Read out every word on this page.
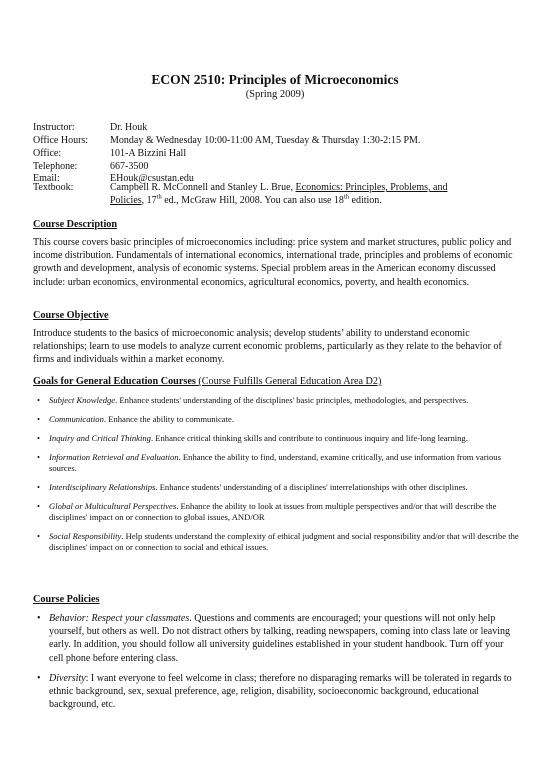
ECON 2510: Principles of Microeconomics
(Spring 2009)
Instructor:	Dr. Houk
Office Hours: Monday & Wednesday 10:00-11:00 AM, Tuesday & Thursday 1:30-2:15 PM.
Office:	101-A Bizzini Hall
Telephone:	667-3500
Email:	EHouk@csustan.edu
Textbook:	Campbell R. McConnell and Stanley L. Brue, Economics: Principles, Problems, and
Policies, 17th ed., McGraw Hill, 2008. You can also use 18th edition.
Course Description

This course covers basic principles of microeconomics including: price system and market structures, public policy and income distribution. Fundamentals of international economics, international trade, principles and problems of economic growth and development, analysis of economic systems. Special problem areas in the American economy discussed include: urban economics, environmental economics, agricultural economics, poverty, and health economics.

Course Objective

Introduce students to the basics of microeconomic analysis; develop students’ ability to understand economic relationships; learn to use models to analyze current economic problems, particularly as they relate to the behavior of firms and individuals within a market economy.

Goals for General Education Courses (Course Fulfills General Education Area D2)
• Subject Knowledge. Enhance students' understanding of the disciplines' basic principles, methodologies, and perspectives.
• Communication. Enhance the ability to communicate.
• Inquiry and Critical Thinking. Enhance critical thinking skills and contribute to continuous inquiry and life-long learning.
• Information Retrieval and Evaluation. Enhance the ability to find, understand, examine critically, and use information from various sources.
• Interdisciplinary Relationships. Enhance students' understanding of a disciplines' interrelationships with other disciplines.
• Global or Multicultural Perspectives. Enhance the ability to look at issues from multiple perspectives and/or that will describe the disciplines' impact on or connection to global issues, AND/OR
• Social Responsibility. Help students understand the complexity of ethical judgment and social responsibility and/or that will describe the disciplines' impact on or connection to social and ethical issues.
Course Policies
• Behavior: Respect your classmates. Questions and comments are encouraged; your questions will not only help yourself, but others as well. Do not distract others by talking, reading newspapers, coming into class late or leaving early. In addition, you should follow all university guidelines established in your student handbook. Turn off your cell phone before entering class.
• Diversity: I want everyone to feel welcome in class; therefore no disparaging remarks will be tolerated in regards to ethnic background, sex, sexual preference, age, religion, disability, socioeconomic background, educational background, etc.
